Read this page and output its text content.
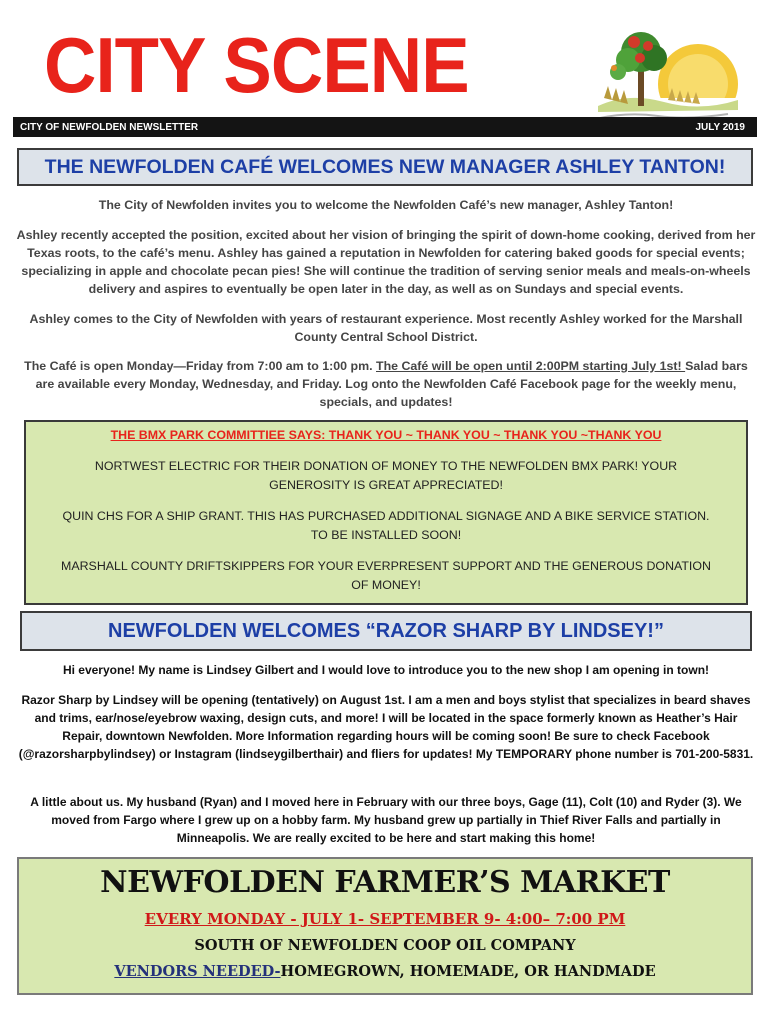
CITY SCENE
CITY OF NEWFOLDEN NEWSLETTER	JULY 2019
THE NEWFOLDEN CAFÉ WELCOMES NEW MANAGER ASHLEY TANTON!
The City of Newfolden invites you to welcome the Newfolden Café’s new manager, Ashley Tanton!
Ashley recently accepted the position, excited about her vision of bringing the spirit of down-home cooking, derived from her Texas roots, to the café’s menu. Ashley has gained a reputation in Newfolden for catering baked goods for special events; specializing in apple and chocolate pecan pies! She will continue the tradition of serving senior meals and meals-on-wheels delivery and aspires to eventually be open later in the day, as well as on Sundays and special events.
Ashley comes to the City of Newfolden with years of restaurant experience. Most recently Ashley worked for the Marshall County Central School District.
The Café is open Monday—Friday from 7:00 am to 1:00 pm. The Café will be open until 2:00PM starting July 1st! Salad bars are available every Monday, Wednesday, and Friday. Log onto the Newfolden Café Facebook page for the weekly menu, specials, and updates!
THE BMX PARK COMMITTIEE SAYS: THANK YOU ~ THANK YOU ~ THANK YOU ~THANK YOU
NORTWEST ELECTRIC FOR THEIR DONATION OF MONEY TO THE NEWFOLDEN BMX PARK! YOUR GENEROSITY IS GREAT APPRECIATED!
QUIN CHS FOR A SHIP GRANT. THIS HAS PURCHASED ADDITIONAL SIGNAGE AND A BIKE SERVICE STATION. TO BE INSTALLED SOON!
MARSHALL COUNTY DRIFTSKIPPERS FOR YOUR EVERPRESENT SUPPORT AND THE GENEROUS DONATION OF MONEY!
NEWFOLDEN WELCOMES “RAZOR SHARP BY LINDSEY!”
Hi everyone! My name is Lindsey Gilbert and I would love to introduce you to the new shop I am opening in town!
Razor Sharp by Lindsey will be opening (tentatively) on August 1st. I am a men and boys stylist that specializes in beard shaves and trims, ear/nose/eyebrow waxing, design cuts, and more! I will be located in the space formerly known as Heather’s Hair Repair, downtown Newfolden. More Information regarding hours will be coming soon! Be sure to check Facebook (@razorsharpbylindsey) or Instagram (lindseygilberthair) and fliers for updates! My TEMPORARY phone number is 701-200-5831.
A little about us. My husband (Ryan) and I moved here in February with our three boys, Gage (11), Colt (10) and Ryder (3). We moved from Fargo where I grew up on a hobby farm. My husband grew up partially in Thief River Falls and partially in Minneapolis. We are really excited to be here and start making this home!
NEWFOLDEN FARMER’S MARKET
EVERY MONDAY - JULY 1- SEPTEMBER 9- 4:00– 7:00 PM
SOUTH OF NEWFOLDEN COOP OIL COMPANY
VENDORS NEEDED-HOMEGROWN, HOMEMADE, OR HANDMADE
